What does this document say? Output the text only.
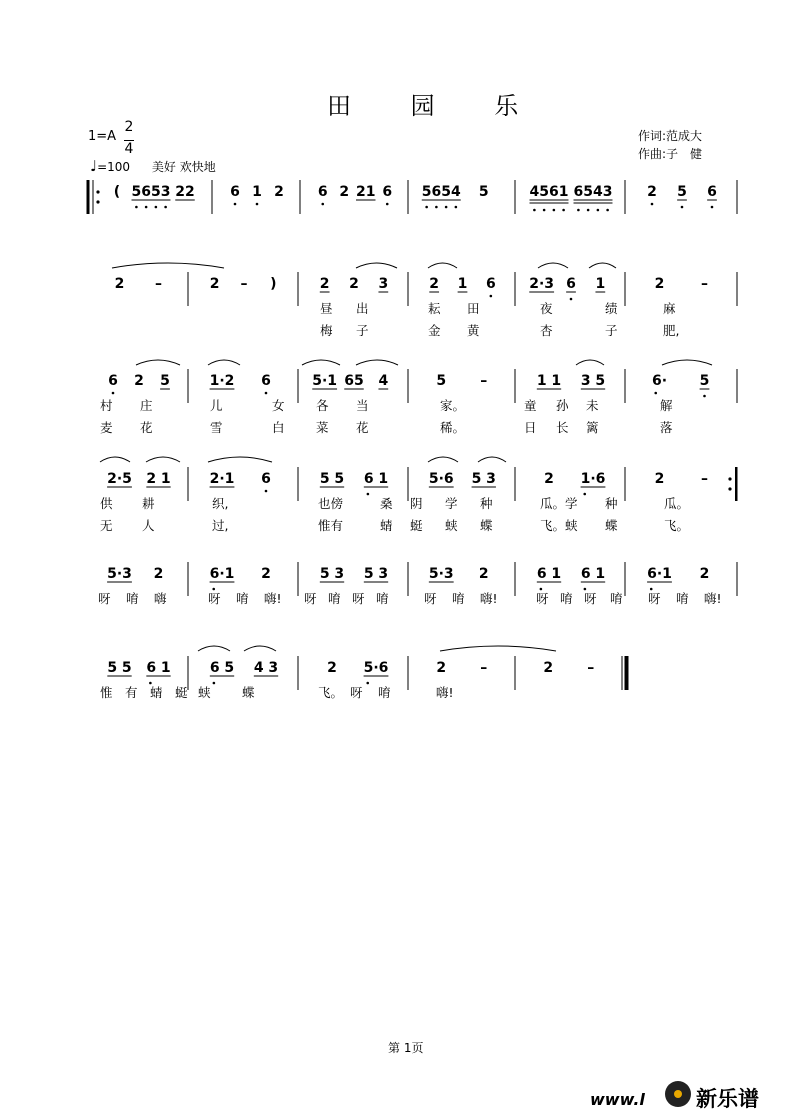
田 园 乐
1=A
2
4
♩=100 美好 欢快地
作词:范成大
作曲:子　健
( 5653 22	6 1 2 6 2 21 6 5654 5	4561 6543 2 5 6
2 –	2 – )	2 2 3	2 1 6 2·3 6 1	2	–
昼 出	耘 田	夜	绩	麻
梅 子	金 黄	杏	子	肥,
6 2 5	1·2 6	5·1 65 4	5 –	1 1 3 5	6· 5
村 庄	儿	女	各 当	家。	童 孙 未	解
麦 花	雪	白	菜 花	稀。	日 长 篱	落
2·5 2 1	2·1 6	5 5 6 1	5·6 5 3	2 1·6	2	–
供 耕	织,	也傍	桑 阴 学 种	瓜。学 种	瓜。
无 人	过,	惟有	蜻 蜓 蛱 蝶	飞。蛱 蝶	飞。
5·3 2	6·1 2	5 3 5 3	5·3 2	6 1 6 1	6·1 2
呀 唷 嗨	呀 唷 嗨! 呀 唷 呀 唷	呀 唷 嗨!	呀 唷 呀 唷 呀 唷 嗨!
5 5 6 1	6 5 4 3	2 5·6	2 –	2 –
惟 有 蜻 蜓 蛱	蝶	飞。 呀 唷	嗨!
第 1页
www.l 新乐谱
